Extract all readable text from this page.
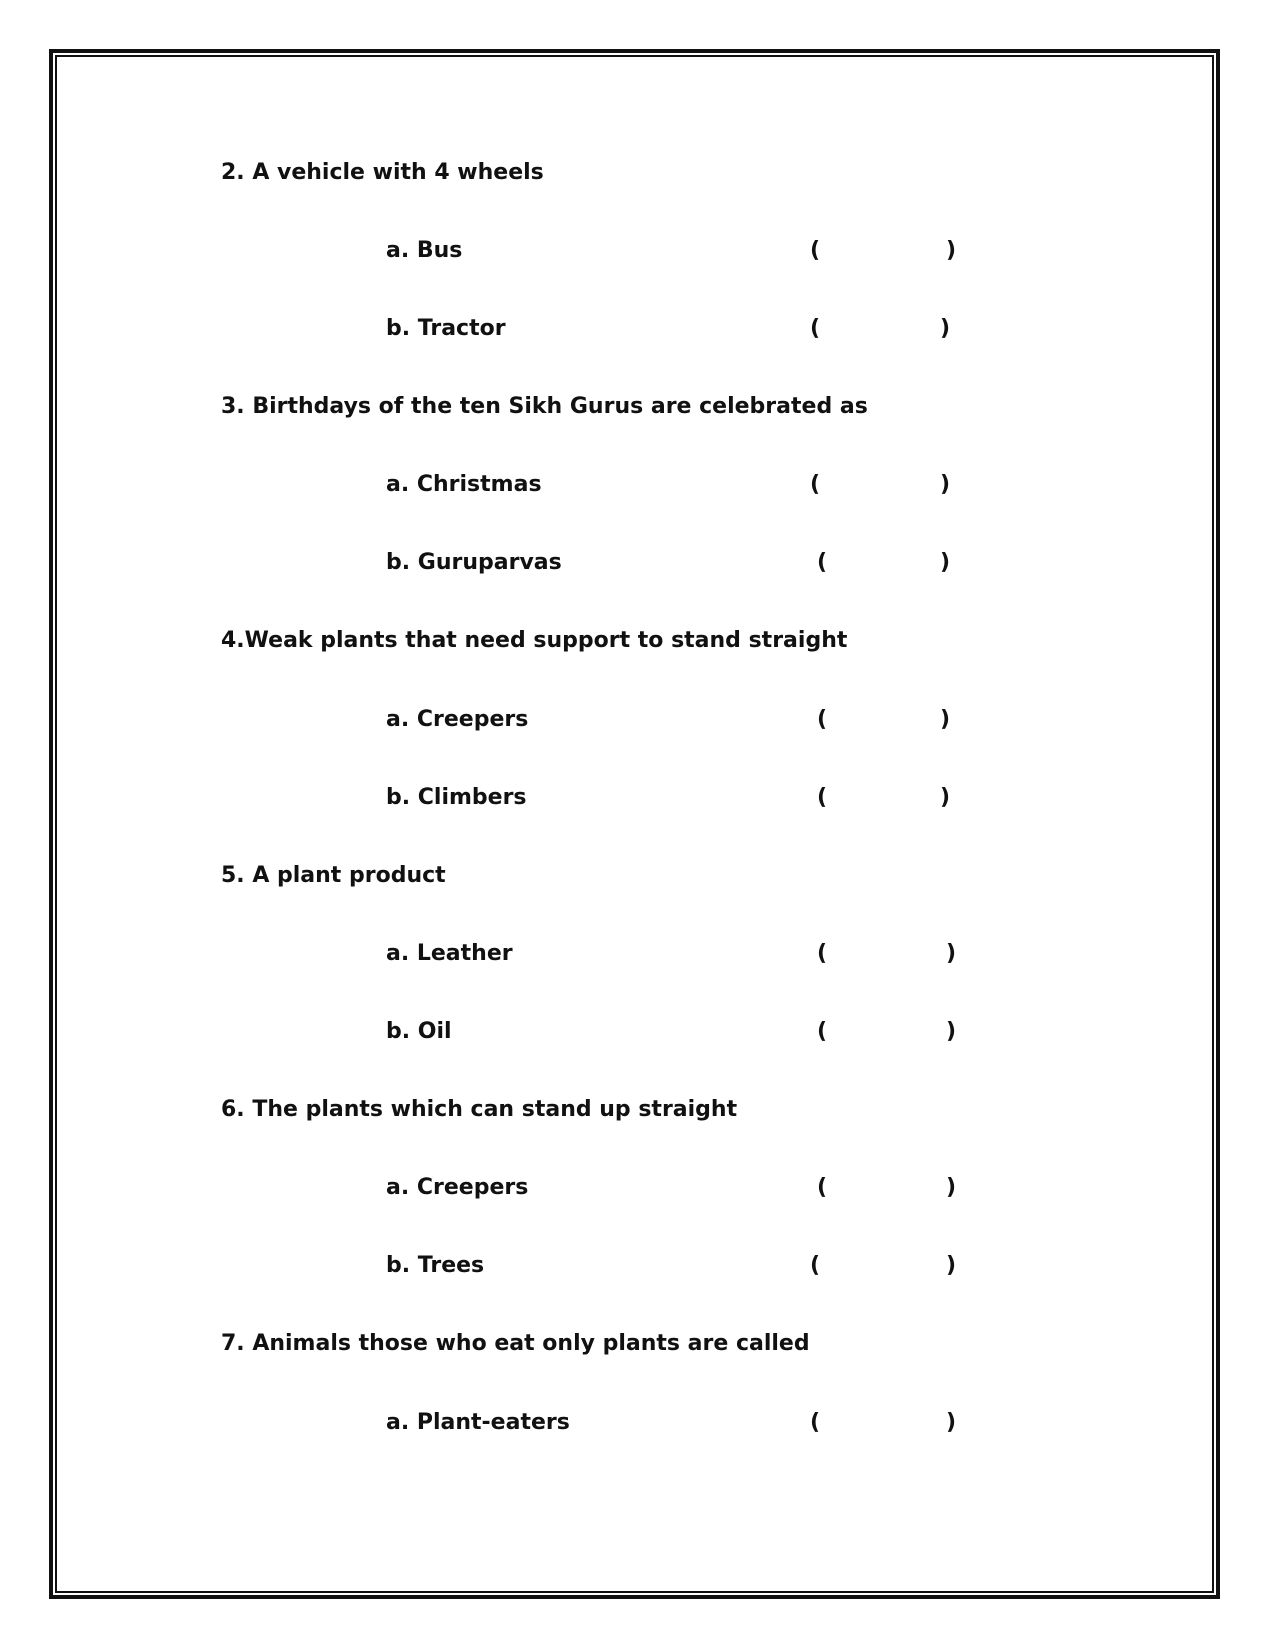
2. A vehicle with 4 wheels
a. Bus	(	)
b. Tractor	(	)
3. Birthdays of the ten Sikh Gurus are celebrated as
a. Christmas	(	)
b. Guruparvas	(	)
4.Weak plants that need support to stand straight
a. Creepers	(	)
b. Climbers	(	)
5. A plant product
a. Leather	(	)
b. Oil	(	)
6. The plants which can stand up straight
a. Creepers	(	)
b. Trees	(	)
7. Animals those who eat only plants are called
a. Plant-eaters	(	)
